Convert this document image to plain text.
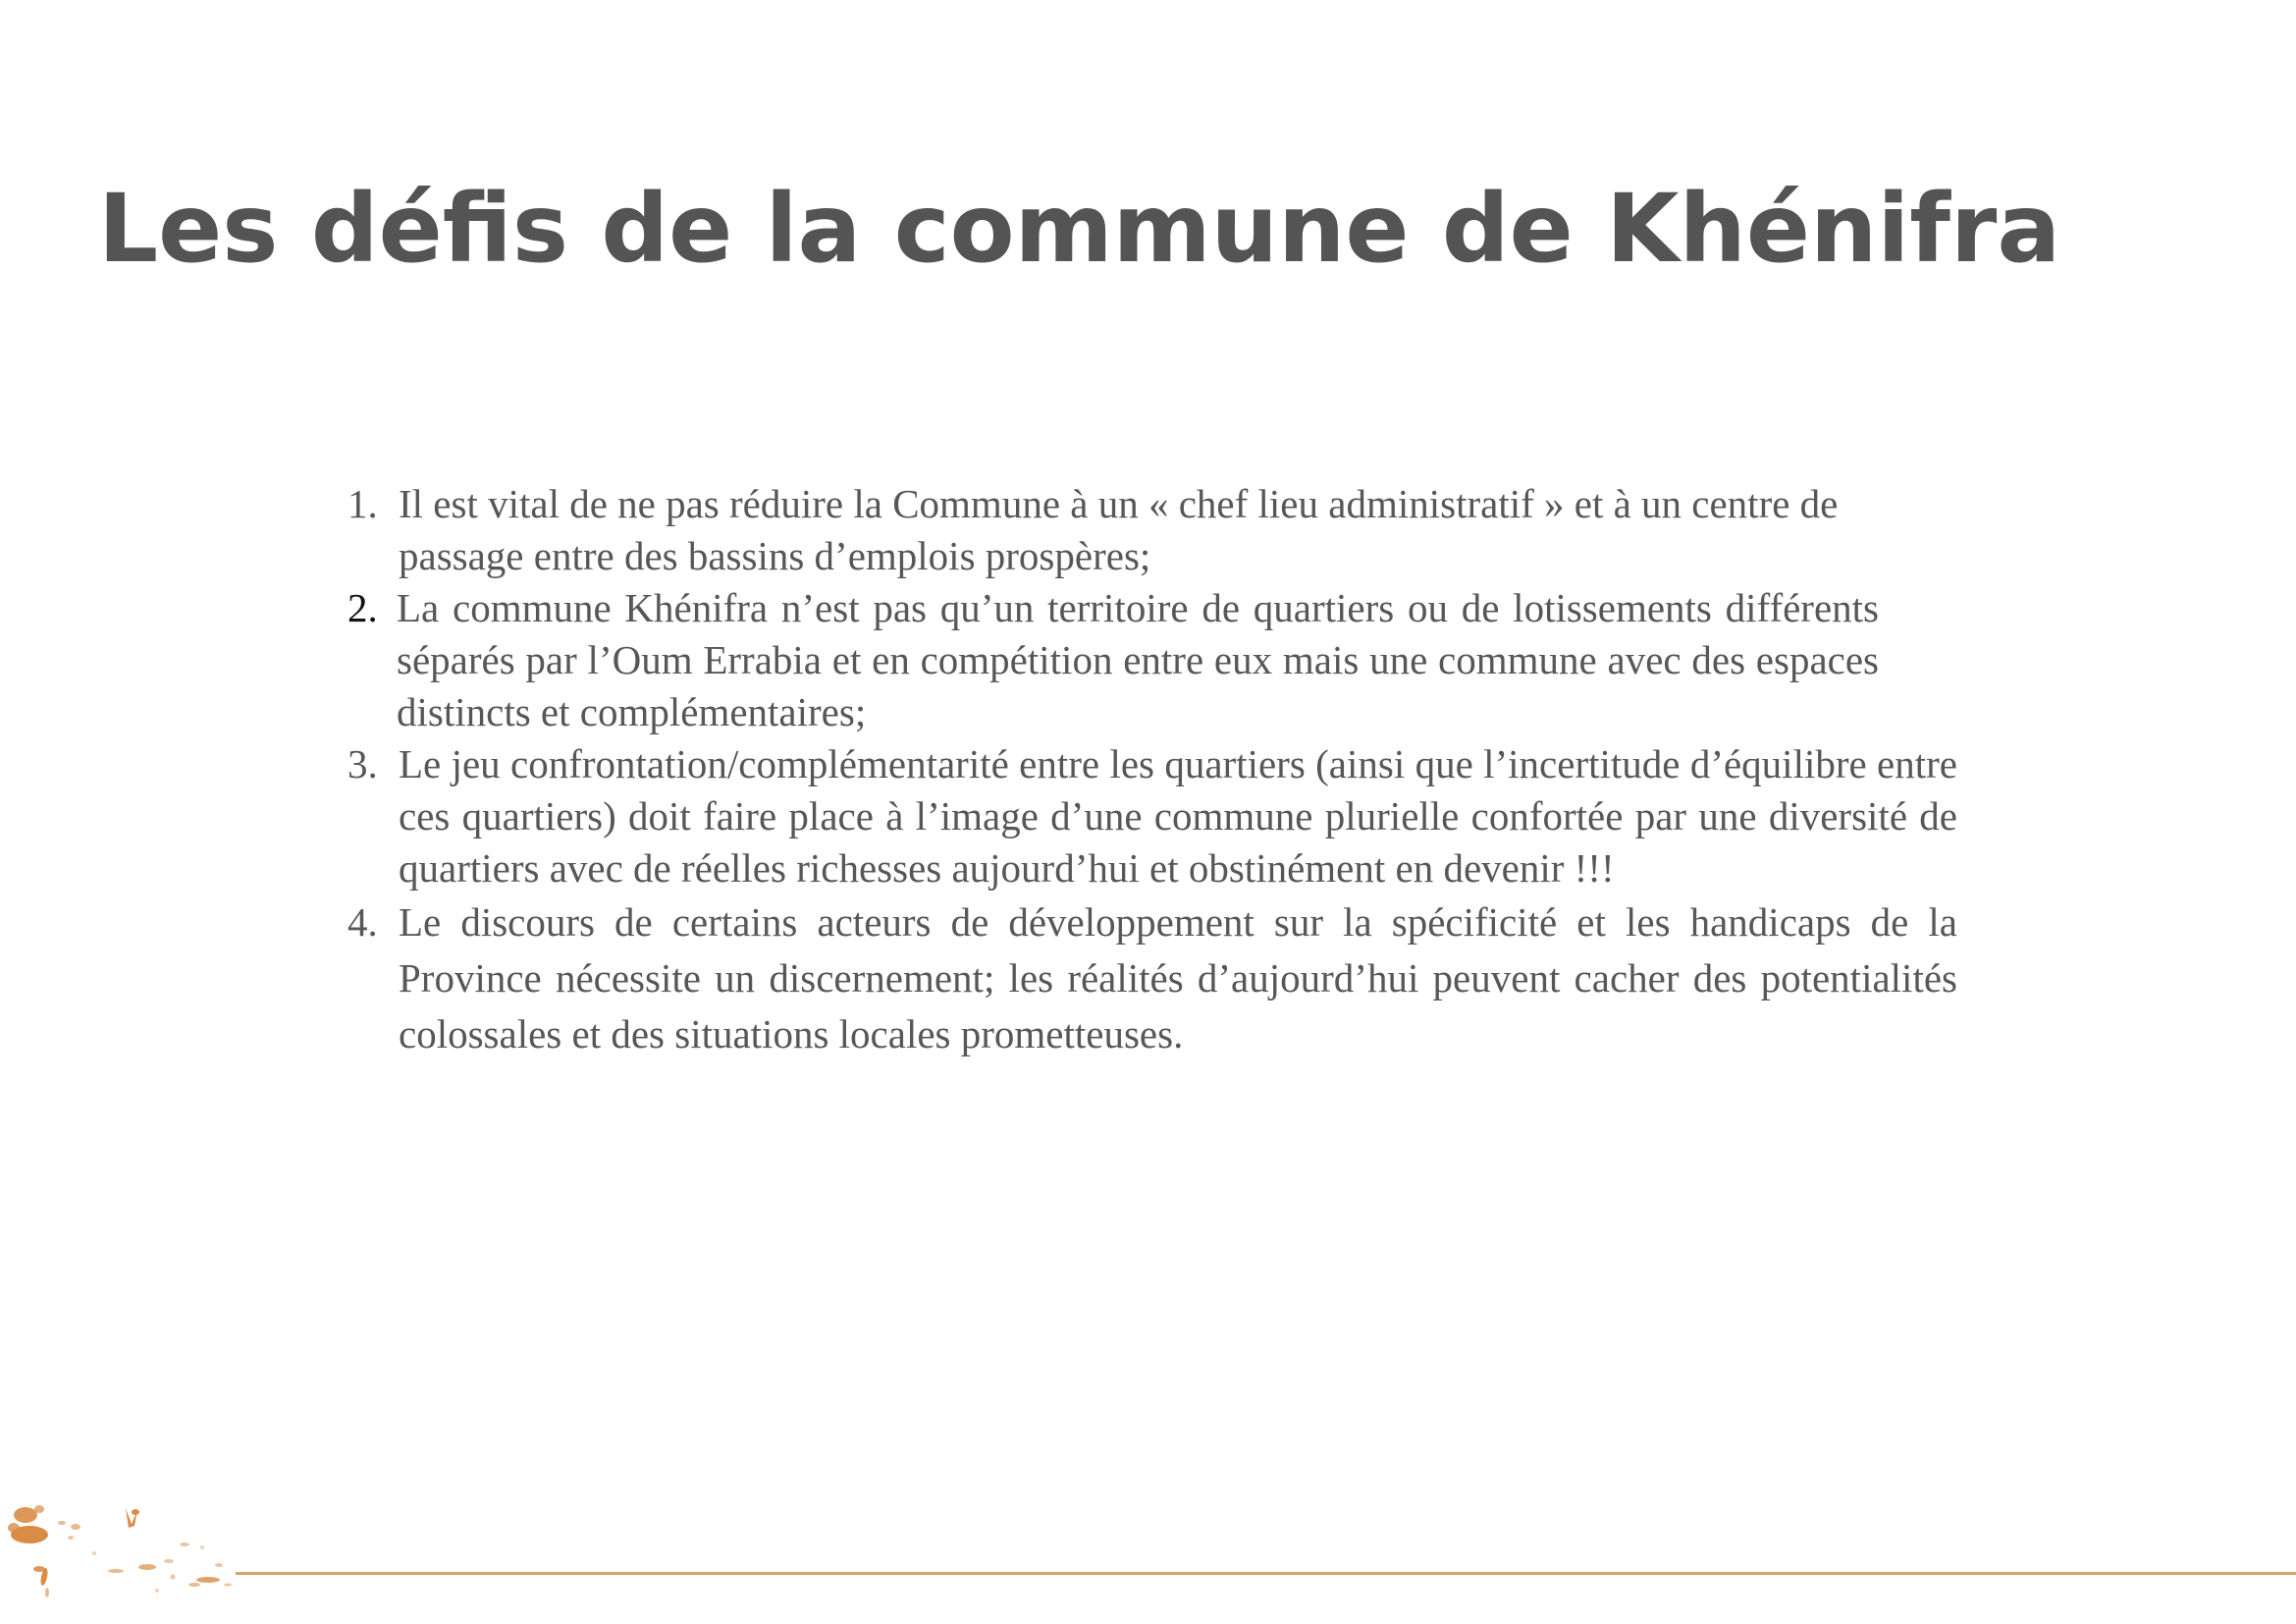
Les défis de la commune de Khénifra
1. Il est vital de ne pas réduire la Commune à un « chef lieu administratif » et à un centre de passage entre des bassins d’emplois prospères;
2. La commune Khénifra n’est pas qu’un territoire de quartiers ou de lotissements différents séparés par l’Oum Errabia et en compétition entre eux mais une commune avec des espaces distincts et complémentaires;
3. Le jeu confrontation/complémentarité entre les quartiers (ainsi que l’incertitude d’équilibre entre ces quartiers) doit faire place à l’image d’une commune plurielle confortée par une diversité de quartiers avec de réelles richesses aujourd’hui et obstinément en devenir !!!
4. Le discours de certains acteurs de développement sur la spécificité et les handicaps de la Province nécessite un discernement; les réalités d’aujourd’hui peuvent cacher des potentialités colossales et des situations locales prometteuses.
